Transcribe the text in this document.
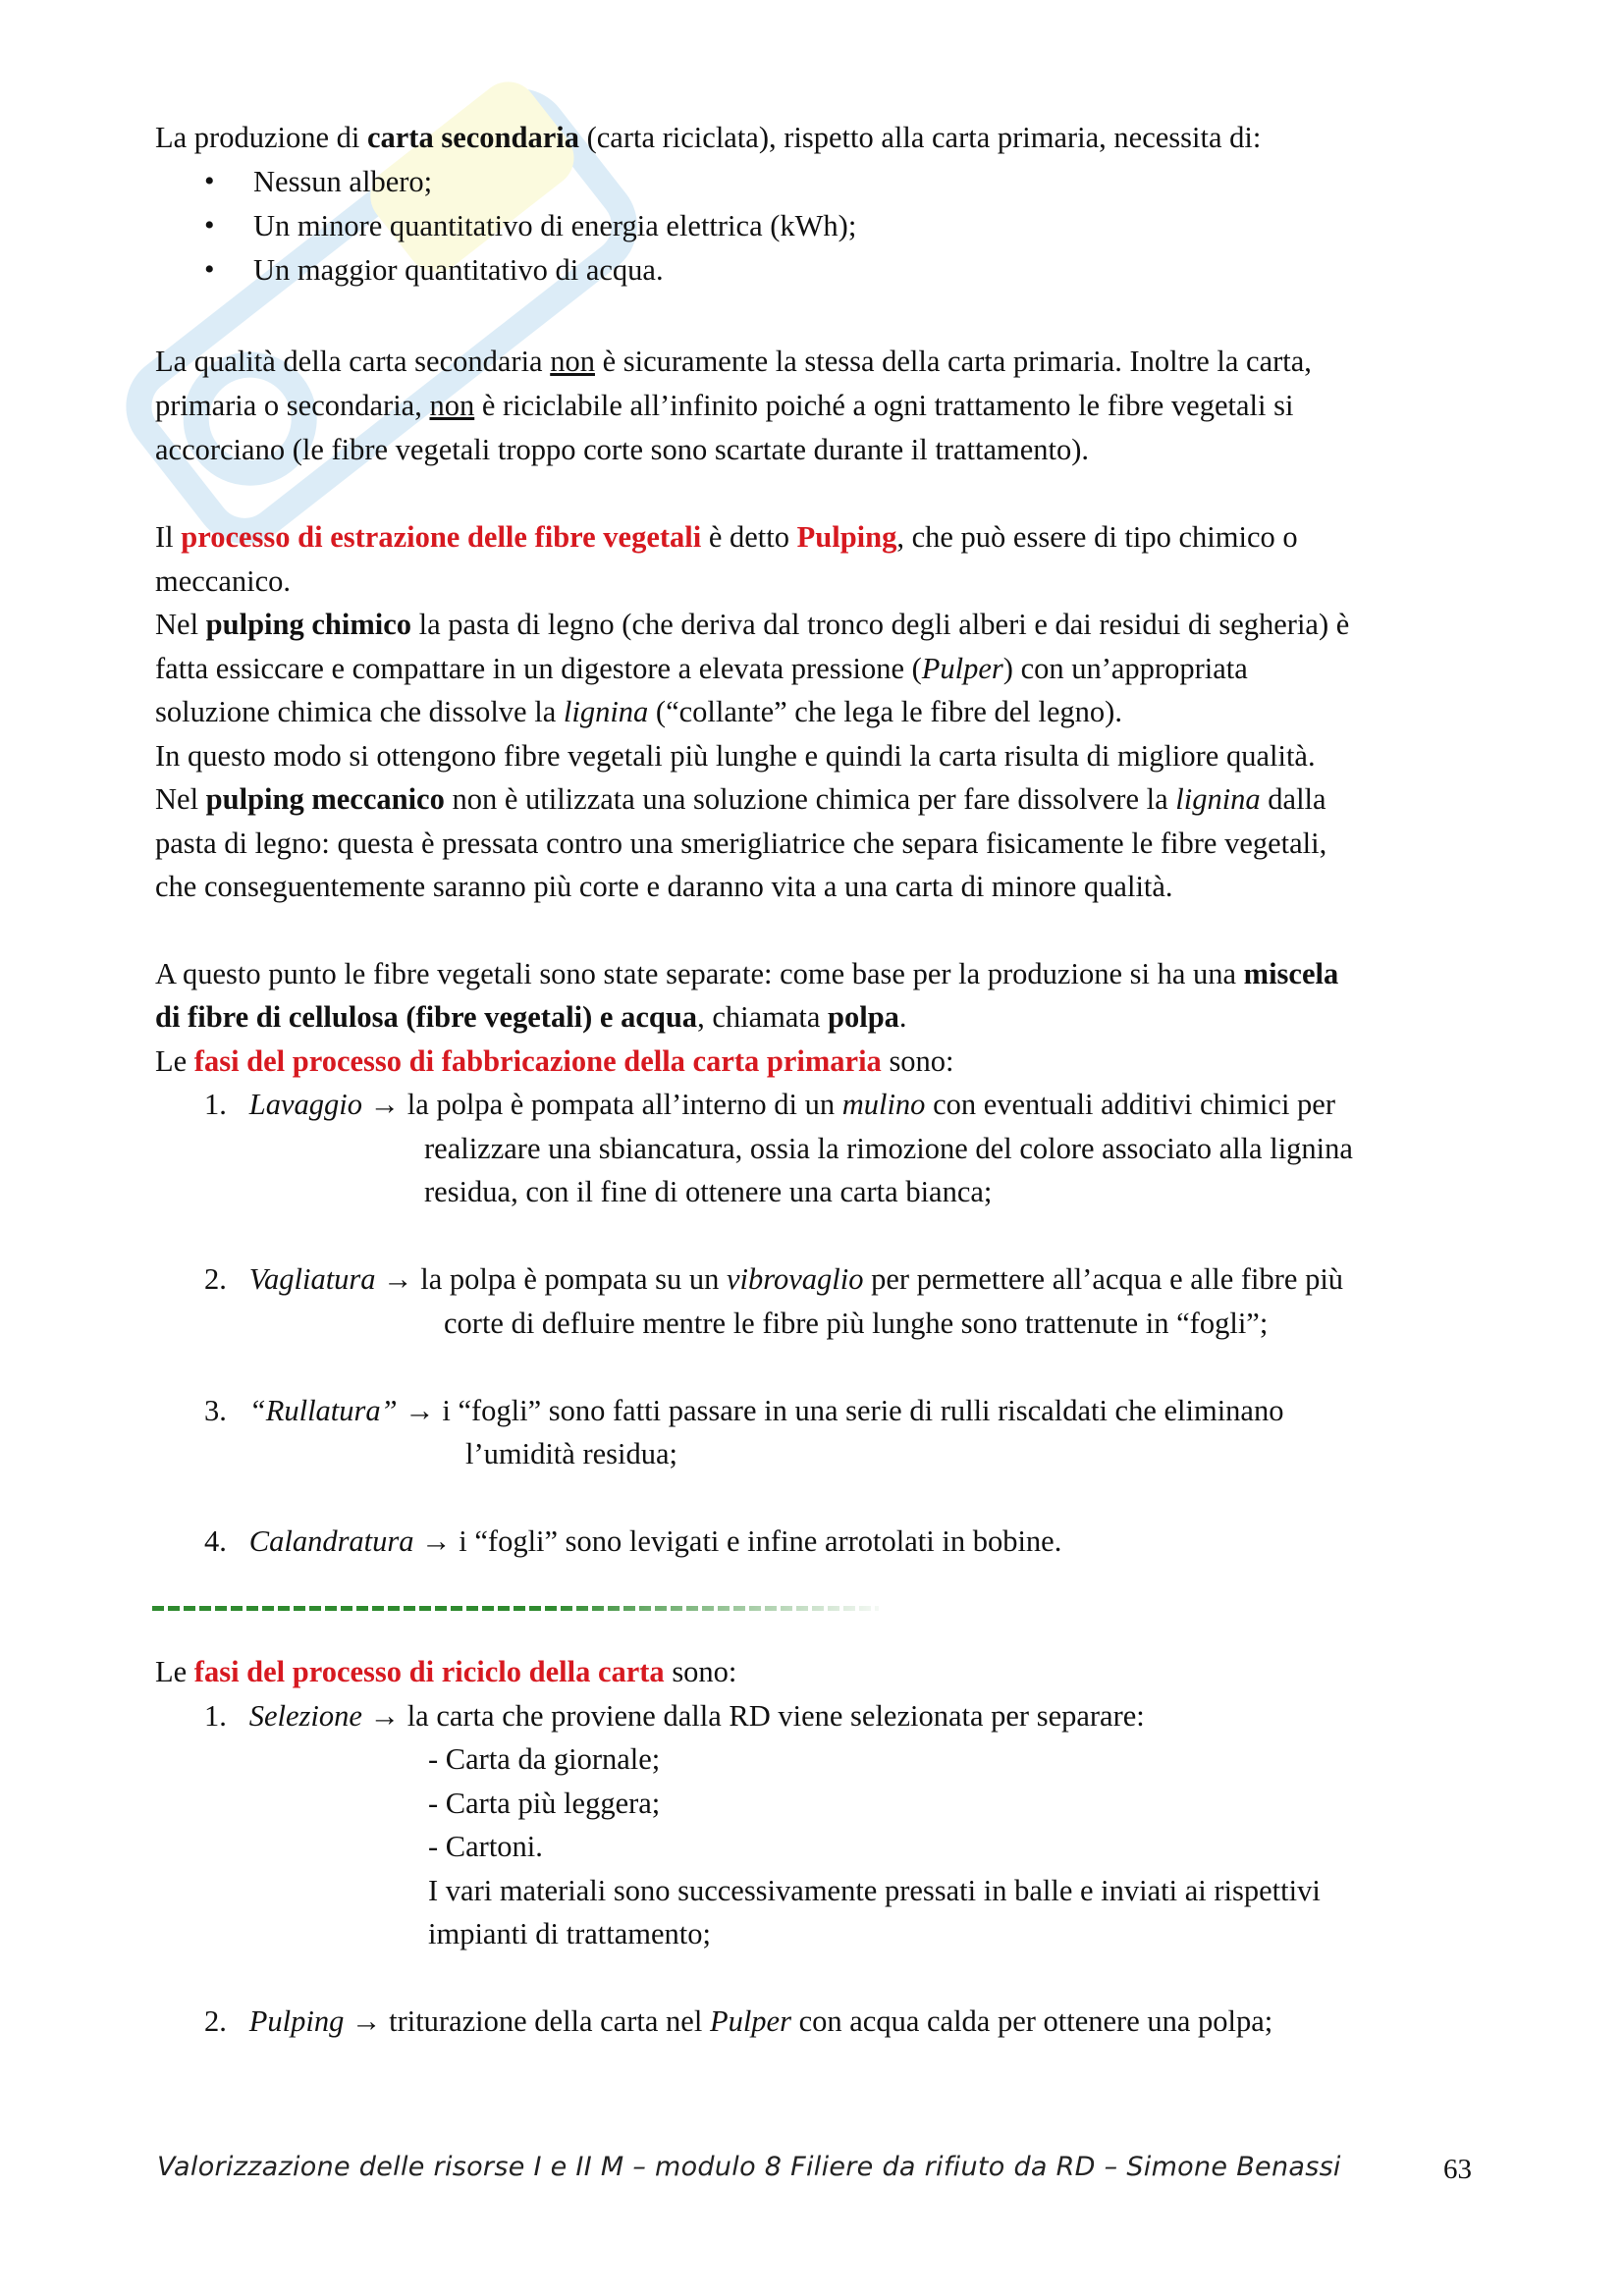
La produzione di carta secondaria (carta riciclata), rispetto alla carta primaria, necessita di:

• Nessun albero;

• Un minore quantitativo di energia elettrica (kWh);

• Un maggior quantitativo di acqua.

La qualità della carta secondaria non è sicuramente la stessa della carta primaria. Inoltre la carta,

primaria o secondaria, non è riciclabile all’infinito poiché a ogni trattamento le fibre vegetali si

accorciano (le fibre vegetali troppo corte sono scartate durante il trattamento).

Il processo di estrazione delle fibre vegetali è detto Pulping, che può essere di tipo chimico o

meccanico.

Nel pulping chimico la pasta di legno (che deriva dal tronco degli alberi e dai residui di segheria) è

fatta essiccare e compattare in un digestore a elevata pressione (Pulper) con un’appropriata

soluzione chimica che dissolve la lignina (“collante” che lega le fibre del legno).

In questo modo si ottengono fibre vegetali più lunghe e quindi la carta risulta di migliore qualità.

Nel pulping meccanico non è utilizzata una soluzione chimica per fare dissolvere la lignina dalla

pasta di legno: questa è pressata contro una smerigliatrice che separa fisicamente le fibre vegetali,

che conseguentemente saranno più corte e daranno vita a una carta di minore qualità.

A questo punto le fibre vegetali sono state separate: come base per la produzione si ha una miscela

di fibre di cellulosa (fibre vegetali) e acqua, chiamata polpa.

Le fasi del processo di fabbricazione della carta primaria sono:

1. Lavaggio → la polpa è pompata all’interno di un mulino con eventuali additivi chimici per

realizzare una sbiancatura, ossia la rimozione del colore associato alla lignina

residua, con il fine di ottenere una carta bianca;

2. Vagliatura → la polpa è pompata su un vibrovaglio per permettere all’acqua e alle fibre più

corte di defluire mentre le fibre più lunghe sono trattenute in “fogli”;

3. “Rullatura” → i “fogli” sono fatti passare in una serie di rulli riscaldati che eliminano

l’umidità residua;

4. Calandratura → i “fogli” sono levigati e infine arrotolati in bobine.

Le fasi del processo di riciclo della carta sono:

1. Selezione → la carta che proviene dalla RD viene selezionata per separare:

- Carta da giornale;

- Carta più leggera;

- Cartoni.

I vari materiali sono successivamente pressati in balle e inviati ai rispettivi

impianti di trattamento;

2. Pulping → triturazione della carta nel Pulper con acqua calda per ottenere una polpa;

Valorizzazione delle risorse I e II M – modulo 8 Filiere da rifiuto da RD – Simone Benassi	63
